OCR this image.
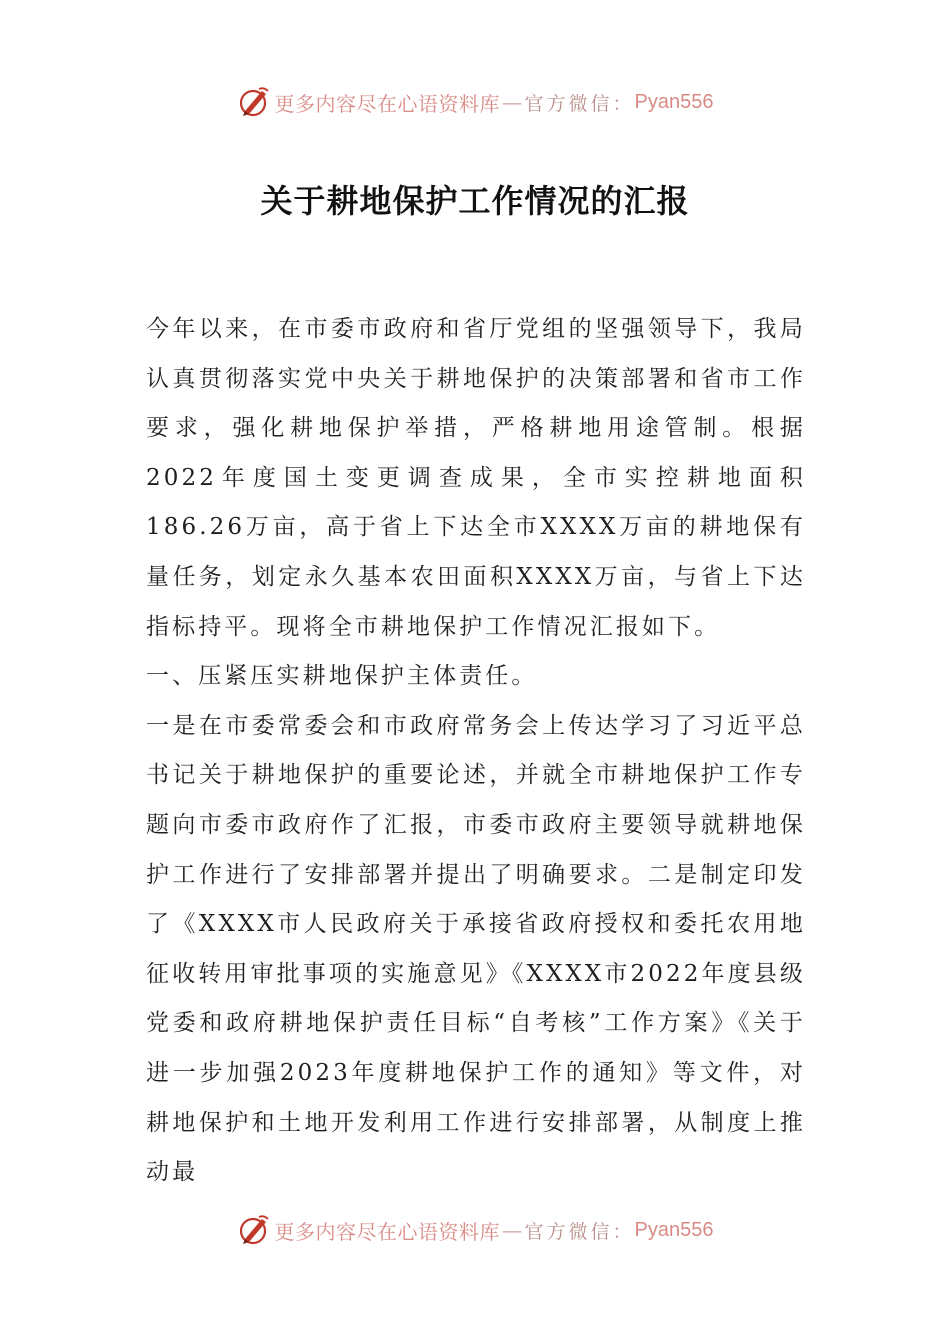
更多内容尽在心语资料库 — 官方微信： Pyan556
关于耕地保护工作情况的汇报

今年以来，在市委市政府和省厅党组的坚强领导下，我局认真贯彻落实党中央关于耕地保护的决策部署和省市工作要求，强化耕地保护举措，严格耕地用途管制。根据2022年度国土变更调查成果，全市实控耕地面积186.26万亩，高于省上下达全市XXXX万亩的耕地保有量任务，划定永久基本农田面积XXXX万亩，与省上下达指标持平。现将全市耕地保护工作情况汇报如下。

一、压紧压实耕地保护主体责任。

一是在市委常委会和市政府常务会上传达学习了习近平总书记关于耕地保护的重要论述，并就全市耕地保护工作专题向市委市政府作了汇报，市委市政府主要领导就耕地保护工作进行了安排部署并提出了明确要求。二是制定印发了《XXXX市人民政府关于承接省政府授权和委托农用地征收转用审批事项的实施意见》《XXXX市2022年度县级党委和政府耕地保护责任目标“自考核”工作方案》《关于进一步加强2023年度耕地保护工作的通知》等文件，对耕地保护和土地开发利用工作进行安排部署，从制度上推动最

更多内容尽在心语资料库 — 官方微信： Pyan556
